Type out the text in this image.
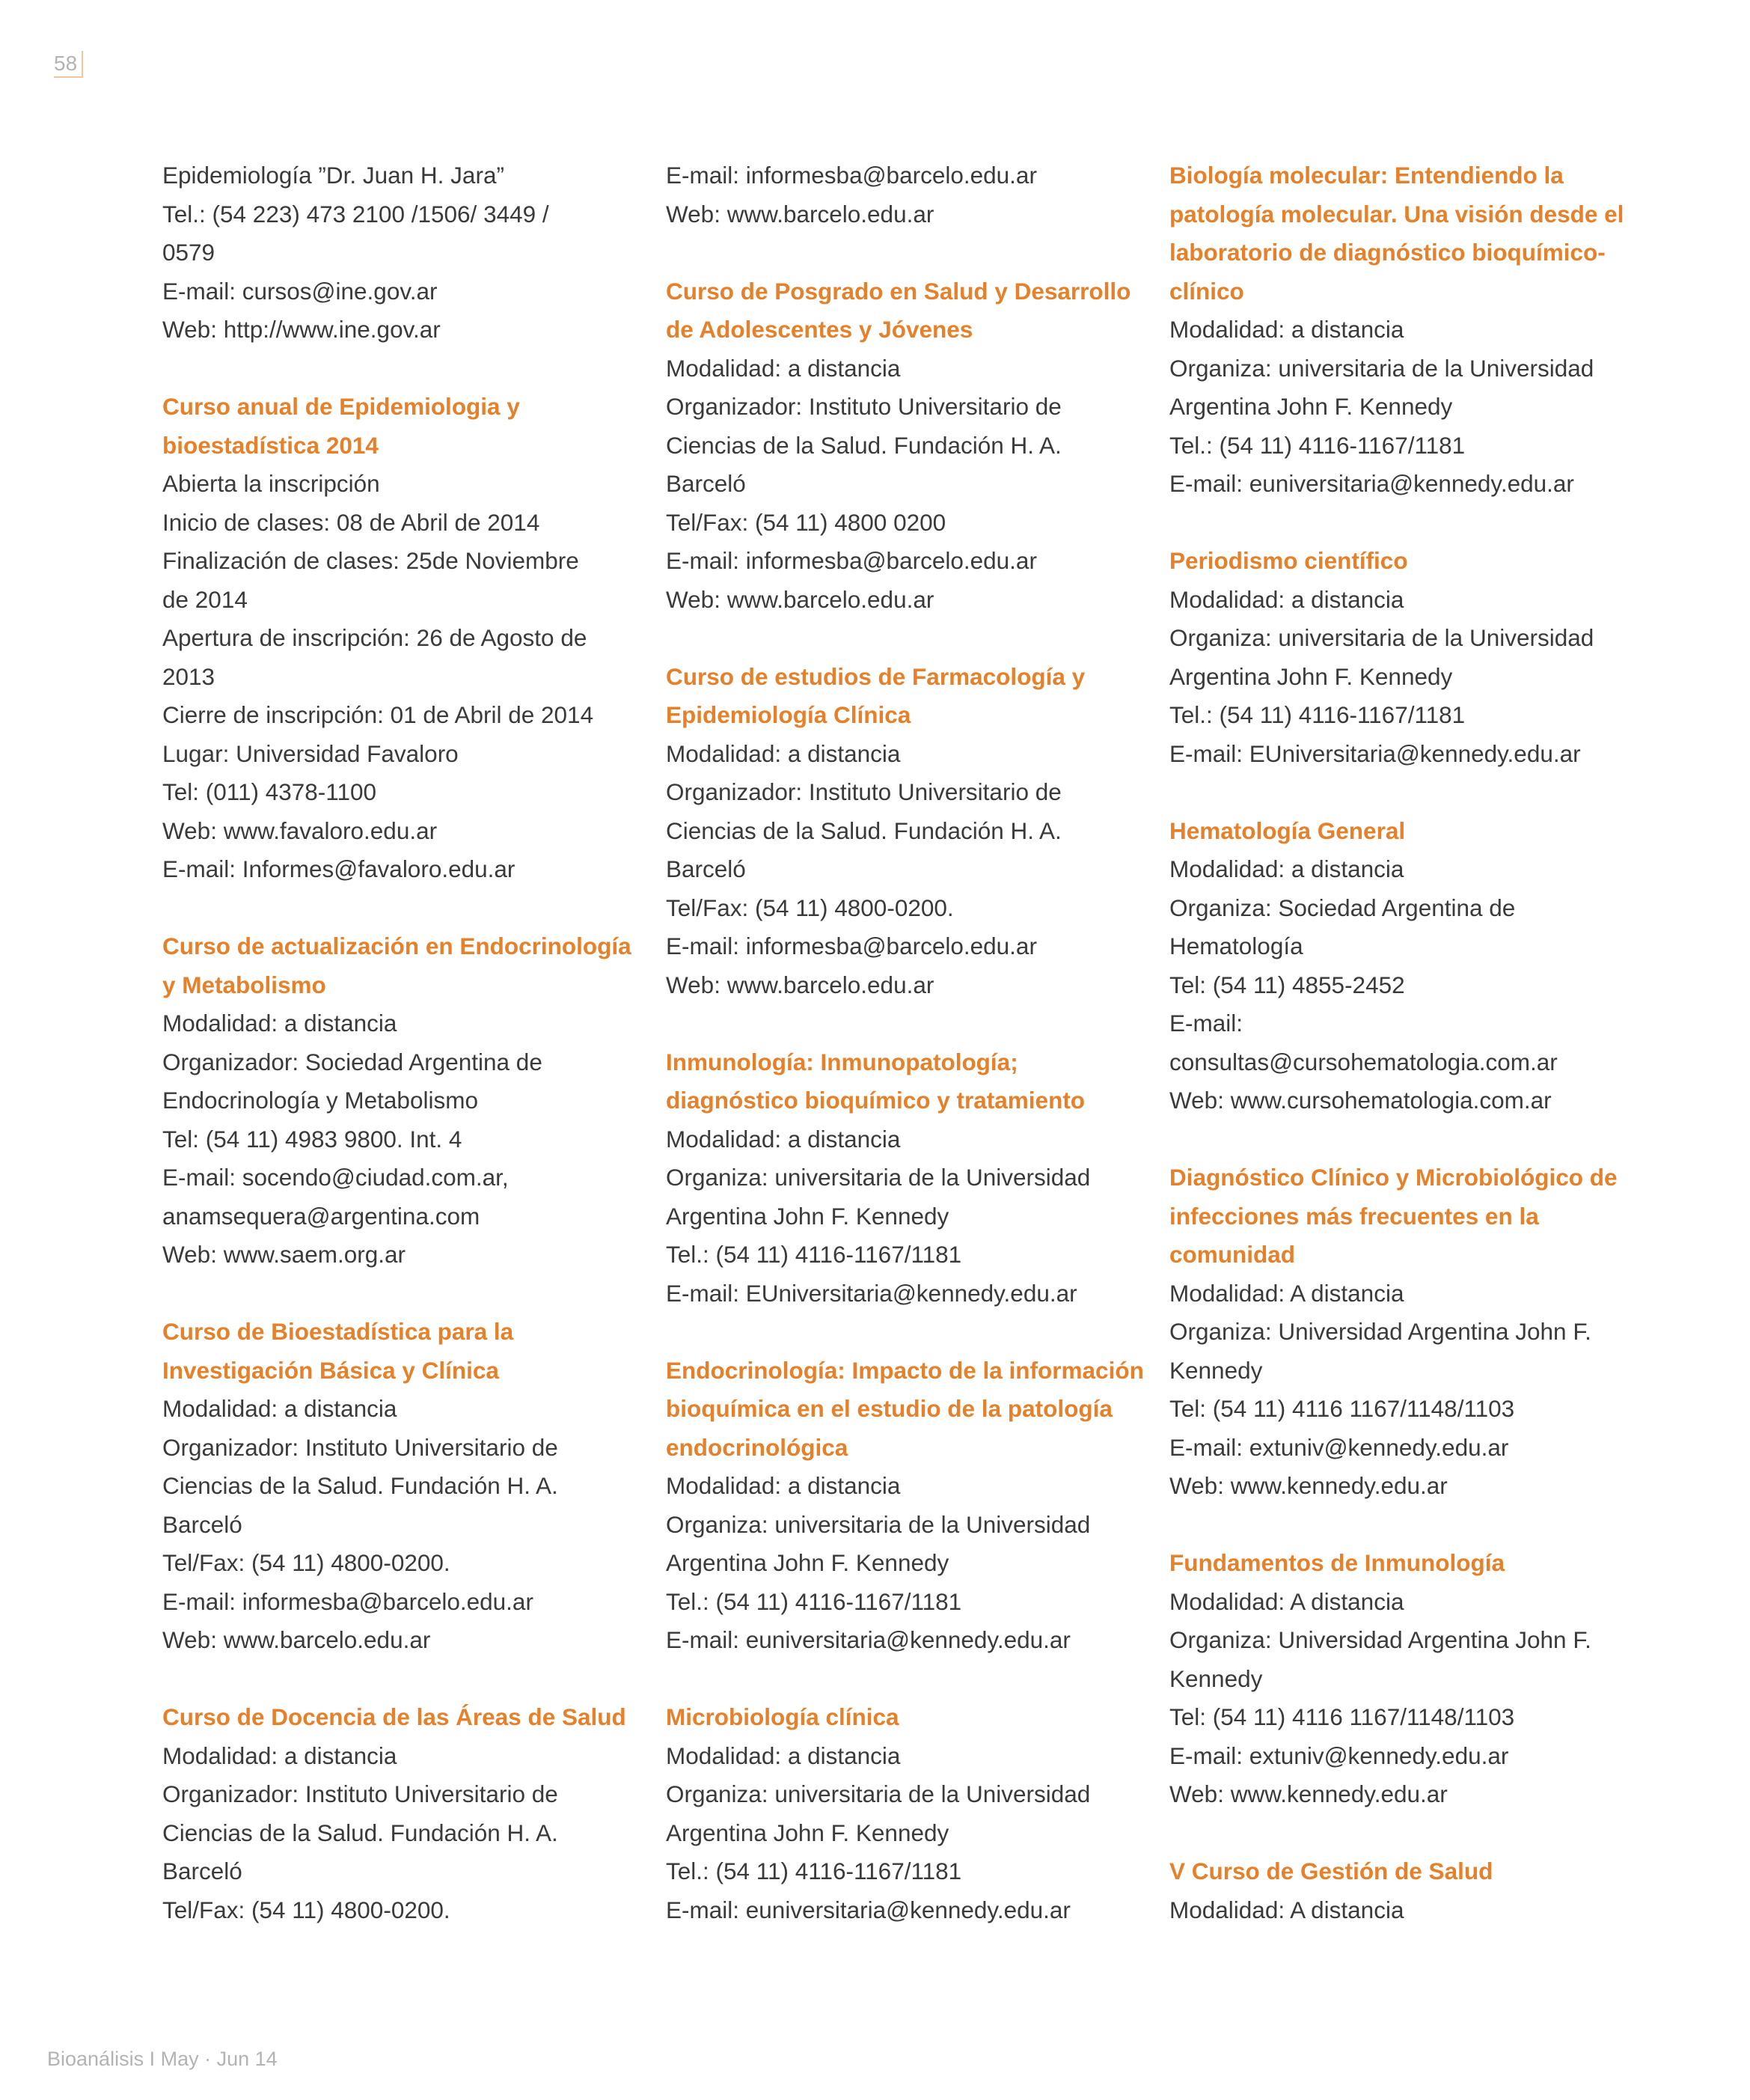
58
Epidemiología ”Dr. Juan H. Jara”
Tel.: (54 223) 473 2100 /1506/ 3449 /
0579
E-mail: cursos@ine.gov.ar
Web: http://www.ine.gov.ar
Curso anual de Epidemiologia y bioestadística 2014
Abierta la inscripción
Inicio de clases: 08 de Abril de 2014
Finalización de clases: 25de Noviembre
de 2014
Apertura de inscripción: 26 de Agosto de
2013
Cierre de inscripción: 01 de Abril de 2014
Lugar: Universidad Favaloro
Tel: (011) 4378-1100
Web: www.favaloro.edu.ar
E-mail: Informes@favaloro.edu.ar
Curso de actualización en Endocrinología y Metabolismo
Modalidad: a distancia
Organizador: Sociedad Argentina de
Endocrinología y Metabolismo
Tel: (54 11) 4983 9800. Int. 4
E-mail: socendo@ciudad.com.ar,
anamsequera@argentina.com
Web: www.saem.org.ar
Curso de Bioestadística para la Investigación Básica y Clínica
Modalidad: a distancia
Organizador: Instituto Universitario de
Ciencias de la Salud. Fundación H. A.
Barceló
Tel/Fax: (54 11) 4800-0200.
E-mail: informesba@barcelo.edu.ar
Web: www.barcelo.edu.ar
Curso de Docencia de las Áreas de Salud
Modalidad: a distancia
Organizador: Instituto Universitario de
Ciencias de la Salud. Fundación H. A.
Barceló
Tel/Fax: (54 11) 4800-0200.
E-mail: informesba@barcelo.edu.ar
Web: www.barcelo.edu.ar
Curso de Posgrado en Salud y Desarrollo de Adolescentes y Jóvenes
Modalidad: a distancia
Organizador: Instituto Universitario de
Ciencias de la Salud. Fundación H. A.
Barceló
Tel/Fax: (54 11) 4800 0200
E-mail: informesba@barcelo.edu.ar
Web: www.barcelo.edu.ar
Curso de estudios de Farmacología y Epidemiología Clínica
Modalidad: a distancia
Organizador: Instituto Universitario de
Ciencias de la Salud. Fundación H. A.
Barceló
Tel/Fax: (54 11) 4800-0200.
E-mail: informesba@barcelo.edu.ar
Web: www.barcelo.edu.ar
Inmunología: Inmunopatología; diagnóstico bioquímico y tratamiento
Modalidad: a distancia
Organiza: universitaria de la Universidad
Argentina John F. Kennedy
Tel.: (54 11) 4116-1167/1181
E-mail: EUniversitaria@kennedy.edu.ar
Endocrinología: Impacto de la información bioquímica en el estudio de la patología endocrinológica
Modalidad: a distancia
Organiza: universitaria de la Universidad
Argentina John F. Kennedy
Tel.: (54 11) 4116-1167/1181
E-mail: euniversitaria@kennedy.edu.ar
Microbiología clínica
Modalidad: a distancia
Organiza: universitaria de la Universidad
Argentina John F. Kennedy
Tel.: (54 11) 4116-1167/1181
E-mail: euniversitaria@kennedy.edu.ar
Biología molecular: Entendiendo la patología molecular. Una visión desde el laboratorio de diagnóstico bioquímico-clínico
Modalidad: a distancia
Organiza: universitaria de la Universidad
Argentina John F. Kennedy
Tel.: (54 11) 4116-1167/1181
E-mail: euniversitaria@kennedy.edu.ar
Periodismo científico
Modalidad: a distancia
Organiza: universitaria de la Universidad
Argentina John F. Kennedy
Tel.: (54 11) 4116-1167/1181
E-mail: EUniversitaria@kennedy.edu.ar
Hematología General
Modalidad: a distancia
Organiza: Sociedad Argentina de
Hematología
Tel: (54 11) 4855-2452
E-mail:
consultas@cursohematologia.com.ar
Web: www.cursohematologia.com.ar
Diagnóstico Clínico y Microbiológico de infecciones más frecuentes en la comunidad
Modalidad: A distancia
Organiza: Universidad Argentina John F.
Kennedy
Tel: (54 11) 4116 1167/1148/1103
E-mail: extuniv@kennedy.edu.ar
Web: www.kennedy.edu.ar
Fundamentos de Inmunología
Modalidad: A distancia
Organiza: Universidad Argentina John F.
Kennedy
Tel: (54 11) 4116 1167/1148/1103
E-mail: extuniv@kennedy.edu.ar
Web: www.kennedy.edu.ar
V Curso de Gestión de Salud
Modalidad: A distancia
Bioanálisis I May · Jun 14
